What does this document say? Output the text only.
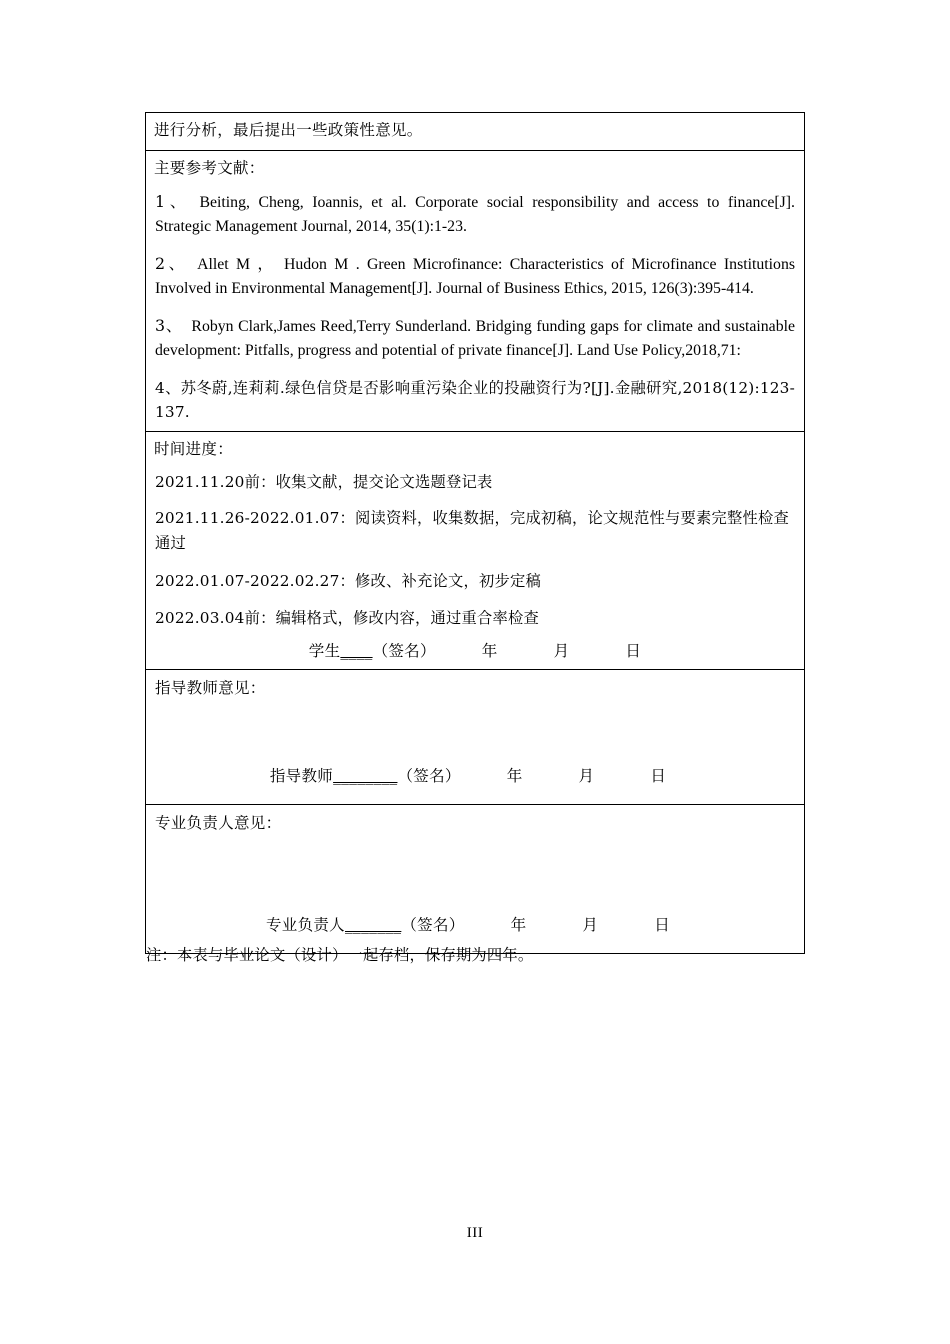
进行分析，最后提出一些政策性意见。
主要参考文献：

1、 Beiting, Cheng, Ioannis, et al. Corporate social responsibility and access to finance[J]. Strategic Management Journal, 2014, 35(1):1-23.

2、 Allet M ， Hudon M . Green Microfinance: Characteristics of Microfinance Institutions Involved in Environmental Management[J]. Journal of Business Ethics, 2015, 126(3):395-414.

3、 Robyn Clark,James Reed,Terry Sunderland. Bridging funding gaps for climate and sustainable development: Pitfalls, progress and potential of private finance[J]. Land Use Policy,2018,71:

4、苏冬蔚,连莉莉.绿色信贷是否影响重污染企业的投融资行为?[J].金融研究,2018(12):123-137.

时间进度：
2021.11.20前：收集文献，提交论文选题登记表
2021.11.26-2022.01.07：阅读资料，收集数据，完成初稿，论文规范性与要素完整性检查通过
2022.01.07-2022.02.27：修改、补充论文，初步定稿
2022.03.04前：编辑格式，修改内容，通过重合率检查
学生____（签名）	年	月	日
指导教师意见：
指导教师________（签名）	年	月	日
专业负责人意见：
专业负责人_______（签名）	年	月	日
注：本表与毕业论文（设计）一起存档，保存期为四年。
III
